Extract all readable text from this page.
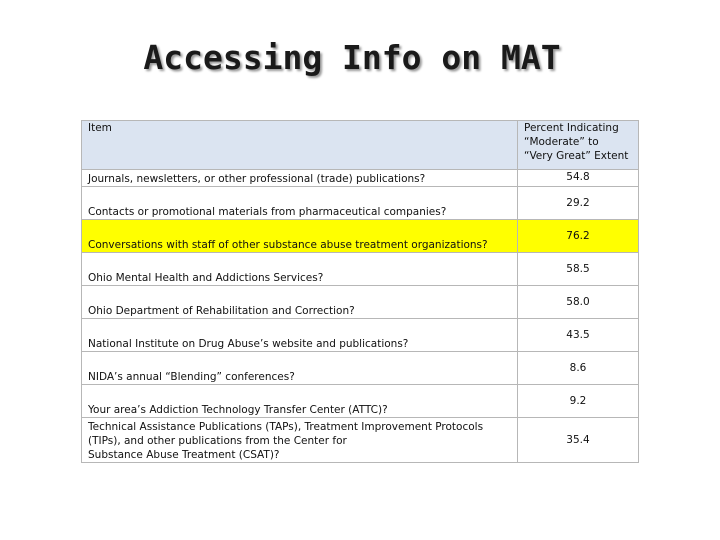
Accessing Info on MAT
Item	Percent Indicating
“Moderate” to
“Very Great” Extent

Journals, newsletters, or other professional (trade) publications?	54.8
Contacts or promotional materials from pharmaceutical companies?	29.2
Conversations with staff of other substance abuse treatment organizations?	76.2
Ohio Mental Health and Addictions Services?	58.5
Ohio Department of Rehabilitation and Correction?	58.0
National Institute on Drug Abuse’s website and publications?	43.5
NIDA’s annual “Blending” conferences?	8.6
Your area’s Addiction Technology Transfer Center (ATTC)?	9.2

Technical Assistance Publications (TAPs), Treatment Improvement Protocols
(TIPs), and other publications from the Center for
Substance Abuse Treatment (CSAT)?	35.4
